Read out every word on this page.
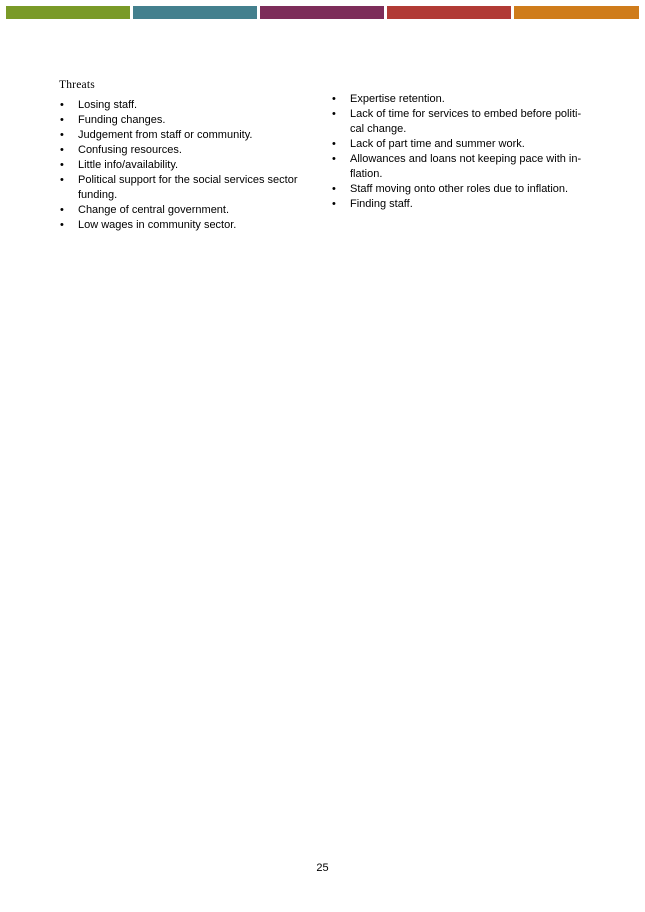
Threats
• Losing staff.
• Funding changes.
• Judgement from staff or community.
• Confusing resources.
• Little info/availability.
• Political support for the social services sector funding.
• Change of central government.
• Low wages in community sector.
• Expertise retention.
• Lack of time for services to embed before politi-cal change.
• Lack of part time and summer work.
• Allowances and loans not keeping pace with in-flation.
• Staff moving onto other roles due to inflation.
• Finding staff.

25
